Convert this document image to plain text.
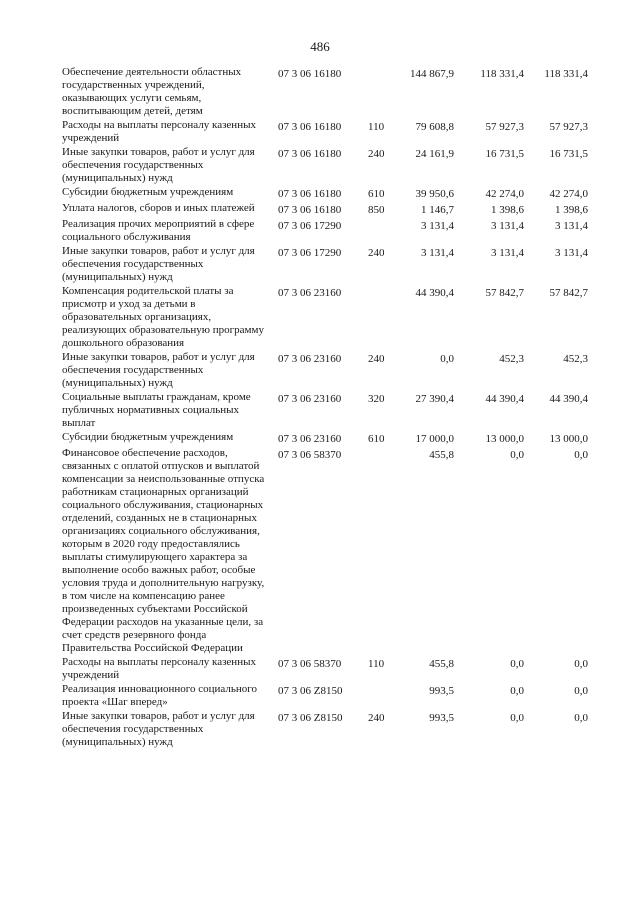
486
Обеспечение деятельности областных государственных учреждений, оказывающих услуги семьям, воспитывающим детей, детям
07 3 06 16180	144 867,9	118 331,4	118 331,4
Расходы на выплаты персоналу казенных учреждений
07 3 06 16180	110	79 608,8	57 927,3	57 927,3
Иные закупки товаров, работ и услуг для обеспечения государственных (муниципальных) нужд
07 3 06 16180	240	24 161,9	16 731,5	16 731,5
Субсидии бюджетным учреждениям	07 3 06 16180	610	39 950,6	42 274,0	42 274,0
Уплата налогов, сборов и иных платежей	07 3 06 16180	850	1 146,7	1 398,6	1 398,6
Реализация прочих мероприятий в сфере социального обслуживания
07 3 06 17290	3 131,4	3 131,4	3 131,4
Иные закупки товаров, работ и услуг для обеспечения государственных (муниципальных) нужд
07 3 06 17290	240	3 131,4	3 131,4	3 131,4
Компенсация родительской платы за присмотр и уход за детьми в образовательных организациях, реализующих образовательную программу дошкольного образования
07 3 06 23160	44 390,4	57 842,7	57 842,7
Иные закупки товаров, работ и услуг для обеспечения государственных (муниципальных) нужд
07 3 06 23160	240	0,0	452,3	452,3
Социальные выплаты гражданам, кроме публичных нормативных социальных выплат
07 3 06 23160	320	27 390,4	44 390,4	44 390,4
Субсидии бюджетным учреждениям	07 3 06 23160	610	17 000,0	13 000,0	13 000,0
Финансовое обеспечение расходов, связанных с оплатой отпусков и выплатой компенсации за неиспользованные отпуска работникам стационарных организаций социального обслуживания, стационарных отделений, созданных не в стационарных организациях социального обслуживания, которым в 2020 году предоставлялись выплаты стимулирующего характера за выполнение особо важных работ, особые условия труда и дополнительную нагрузку, в том числе на компенсацию ранее произведенных субъектами Российской Федерации расходов на указанные цели, за счет средств резервного фонда Правительства Российской Федерации
07 3 06 58370	455,8	0,0	0,0
Расходы на выплаты персоналу казенных учреждений
07 3 06 58370	110	455,8	0,0	0,0
Реализация инновационного социального проекта «Шаг вперед»
07 3 06 Z8150	993,5	0,0	0,0
Иные закупки товаров, работ и услуг для обеспечения государственных (муниципальных) нужд
07 3 06 Z8150	240	993,5	0,0	0,0
